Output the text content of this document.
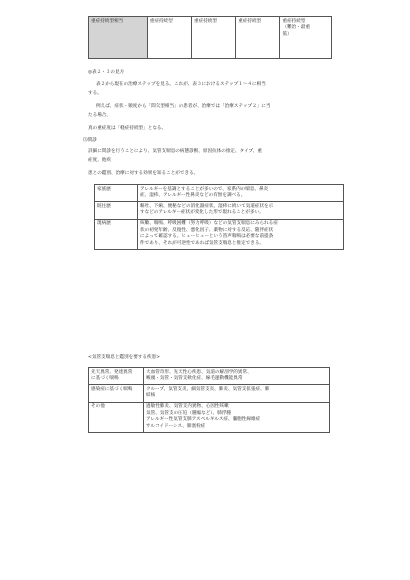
重症持続型相当	重症持続型	重症持続型	重症持続型	重症持続型
（難治・最重
篤）
◎表２・３の見方
表２から現在の治療ステップを見る。これが、表３におけるステップ１～４に相当
する。
例えば、症状・頻度から「間欠型相当」の患者が、治療では「治療ステップ２」に当
たる場合、
真の重症度は「軽症持続型」となる。
⑶問診
詳細に問診を行うことにより、気管支喘息の病態診断、原因抗体の推定、タイプ、重
症度、他疾
患との鑑別、治療に対する効果を知ることができる。
家族歴	アレルギーを基調とすることが多いので、家系内の喘息、鼻炎
症、湿疹、アレルギー性鼻炎などの有無を調べる。

既往歴	嘔吐、下痢、便秘などの消化器症状、湿疹に続いて気道症状を示
すなどのアレルギー症状が変化した形で現れることが多い。

現病歴	咳嗽、喘鳴、呼吸困難（努力呼吸）などの気管支喘息にみられる症
状の初発年齢、反復性、悪化因子、薬物に対する反応、随伴症状
によって確認する。ヒューヒューという笛声喘鳴は必要な前提条
件であり、それが可逆性であれば気管支喘息と推定できる。
<気管支喘息と鑑別を要する疾患>
先天異常、発達異常
に基づく喘鳴	大血管奇形、先天性心疾患、気道の解剖学的異常、
喉頭・気管・気管支軟化症、線毛運動機能異常

感染症に基づく喘鳴	クループ、気管支炎、細気管支炎、肺炎、気管支拡張症、肺
結核

その他	過敏性肺炎、気管支内異物、心因性咳嗽
気管、気管支の圧迫（腫瘍など）、肺浮腫
アレルギー性気管支肺アスペルギルス症、嚢胞性線維症
サルコイドーシス、肺塞栓症
